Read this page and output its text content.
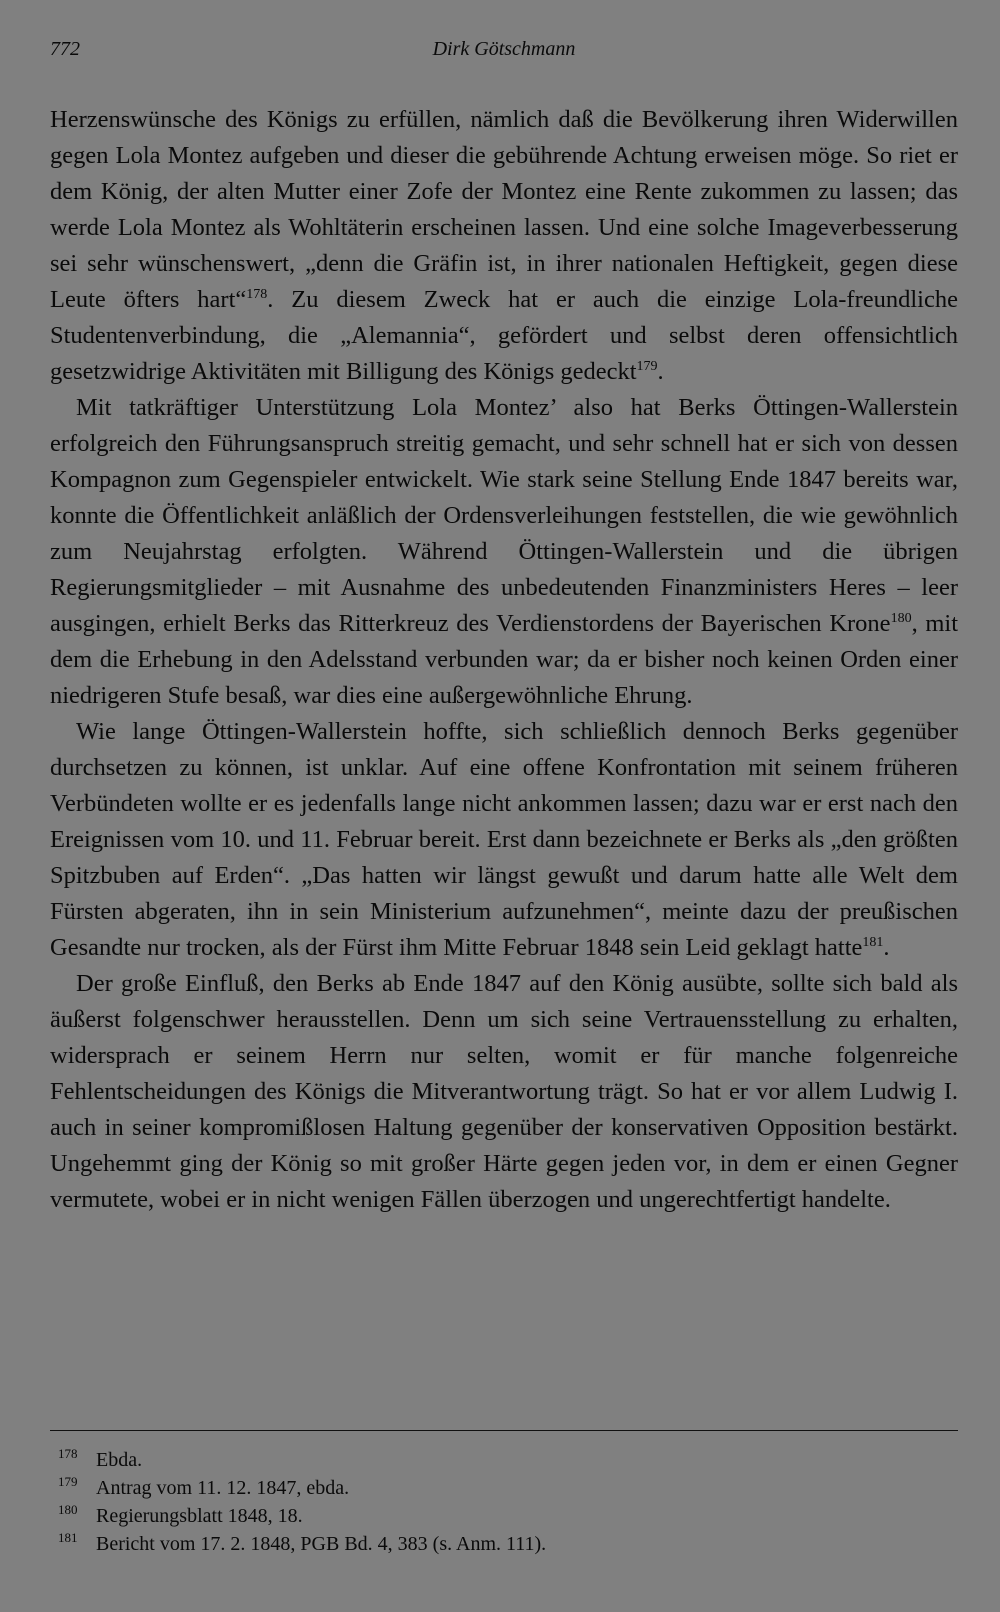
772	Dirk Götschmann

Herzenswünsche des Königs zu erfüllen, nämlich daß die Bevölkerung ihren Widerwillen gegen Lola Montez aufgeben und dieser die gebührende Achtung erweisen möge. So riet er dem König, der alten Mutter einer Zofe der Montez eine Rente zukommen zu lassen; das werde Lola Montez als Wohltäterin erscheinen lassen. Und eine solche Imageverbesserung sei sehr wünschenswert, „denn die Gräfin ist, in ihrer nationalen Heftigkeit, gegen diese Leute öfters hart“$^{178}$. Zu diesem Zweck hat er auch die einzige Lola-freundliche Studentenverbindung, die „Alemannia“, gefördert und selbst deren offensichtlich gesetzwidrige Aktivitäten mit Billigung des Königs gedeckt$^{179}$.

Mit tatkräftiger Unterstützung Lola Montez’ also hat Berks Öttingen-Wallerstein erfolgreich den Führungsanspruch streitig gemacht, und sehr schnell hat er sich von dessen Kompagnon zum Gegenspieler entwickelt. Wie stark seine Stellung Ende 1847 bereits war, konnte die Öffentlichkeit anläßlich der Ordensverleihungen feststellen, die wie gewöhnlich zum Neujahrstag erfolgten. Während Öttingen-Wallerstein und die übrigen Regierungsmitglieder – mit Ausnahme des unbedeutenden Finanzministers Heres – leer ausgingen, erhielt Berks das Ritterkreuz des Verdienstordens der Bayerischen Krone$^{180}$, mit dem die Erhebung in den Adelsstand verbunden war; da er bisher noch keinen Orden einer niedrigeren Stufe besaß, war dies eine außergewöhnliche Ehrung.

Wie lange Öttingen-Wallerstein hoffte, sich schließlich dennoch Berks gegenüber durchsetzen zu können, ist unklar. Auf eine offene Konfrontation mit seinem früheren Verbündeten wollte er es jedenfalls lange nicht ankommen lassen; dazu war er erst nach den Ereignissen vom 10. und 11. Februar bereit. Erst dann bezeichnete er Berks als „den größten Spitzbuben auf Erden“. „Das hatten wir längst gewußt und darum hatte alle Welt dem Fürsten abgeraten, ihn in sein Ministerium aufzunehmen“, meinte dazu der preußischen Gesandte nur trocken, als der Fürst ihm Mitte Februar 1848 sein Leid geklagt hatte$^{181}$.

Der große Einfluß, den Berks ab Ende 1847 auf den König ausübte, sollte sich bald als äußerst folgenschwer herausstellen. Denn um sich seine Vertrauensstellung zu erhalten, widersprach er seinem Herrn nur selten, womit er für manche folgenreiche Fehlentscheidungen des Königs die Mitverantwortung trägt. So hat er vor allem Ludwig I. auch in seiner kompromißlosen Haltung gegenüber der konservativen Opposition bestärkt. Ungehemmt ging der König so mit großer Härte gegen jeden vor, in dem er einen Gegner vermutete, wobei er in nicht wenigen Fällen überzogen und ungerechtfertigt handelte.

178 Ebda.
179 Antrag vom 11. 12. 1847, ebda.
180 Regierungsblatt 1848, 18.
181 Bericht vom 17. 2. 1848, PGB Bd. 4, 383 (s. Anm. 111).
